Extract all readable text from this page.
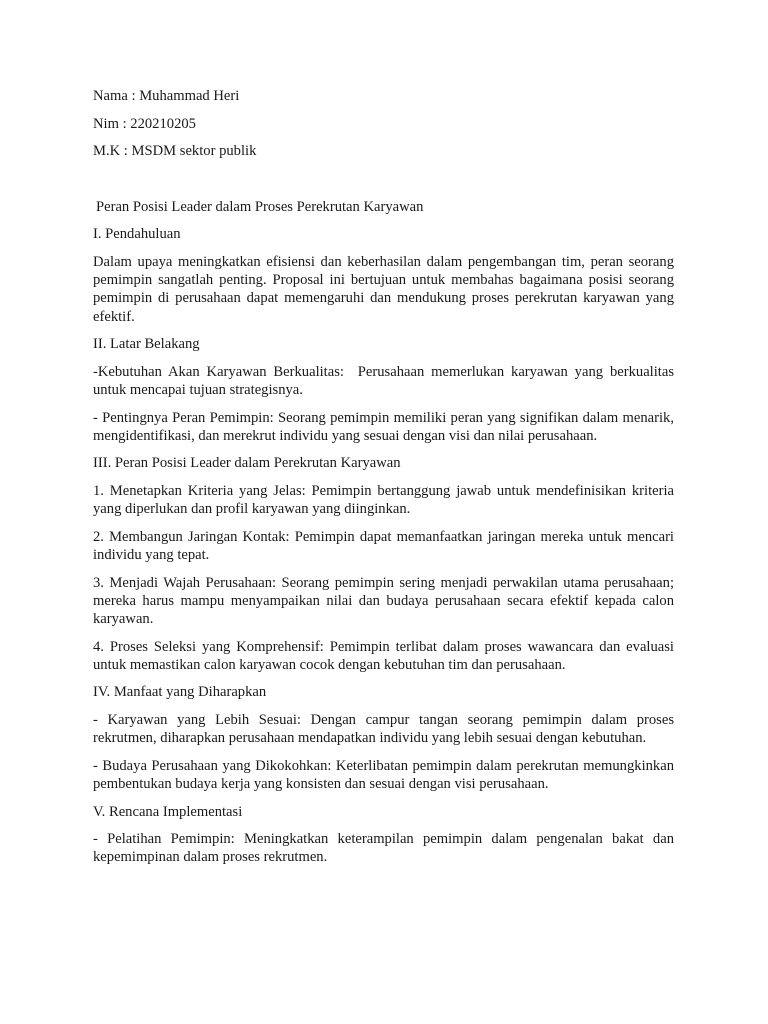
Nama : Muhammad Heri
Nim : 220210205
M.K : MSDM sektor publik
Peran Posisi Leader dalam Proses Perekrutan Karyawan
I. Pendahuluan
Dalam upaya meningkatkan efisiensi dan keberhasilan dalam pengembangan tim, peran seorang pemimpin sangatlah penting. Proposal ini bertujuan untuk membahas bagaimana posisi seorang pemimpin di perusahaan dapat memengaruhi dan mendukung proses perekrutan karyawan yang efektif.
II. Latar Belakang
-Kebutuhan Akan Karyawan Berkualitas:  Perusahaan memerlukan karyawan yang berkualitas untuk mencapai tujuan strategisnya.
- Pentingnya Peran Pemimpin: Seorang pemimpin memiliki peran yang signifikan dalam menarik, mengidentifikasi, dan merekrut individu yang sesuai dengan visi dan nilai perusahaan.
III. Peran Posisi Leader dalam Perekrutan Karyawan
1. Menetapkan Kriteria yang Jelas: Pemimpin bertanggung jawab untuk mendefinisikan kriteria yang diperlukan dan profil karyawan yang diinginkan.
2. Membangun Jaringan Kontak: Pemimpin dapat memanfaatkan jaringan mereka untuk mencari individu yang tepat.
3. Menjadi Wajah Perusahaan: Seorang pemimpin sering menjadi perwakilan utama perusahaan; mereka harus mampu menyampaikan nilai dan budaya perusahaan secara efektif kepada calon karyawan.
4. Proses Seleksi yang Komprehensif: Pemimpin terlibat dalam proses wawancara dan evaluasi untuk memastikan calon karyawan cocok dengan kebutuhan tim dan perusahaan.
IV. Manfaat yang Diharapkan
- Karyawan yang Lebih Sesuai: Dengan campur tangan seorang pemimpin dalam proses rekrutmen, diharapkan perusahaan mendapatkan individu yang lebih sesuai dengan kebutuhan.
- Budaya Perusahaan yang Dikokohkan: Keterlibatan pemimpin dalam perekrutan memungkinkan pembentukan budaya kerja yang konsisten dan sesuai dengan visi perusahaan.
V. Rencana Implementasi
- Pelatihan Pemimpin: Meningkatkan keterampilan pemimpin dalam pengenalan bakat dan kepemimpinan dalam proses rekrutmen.
